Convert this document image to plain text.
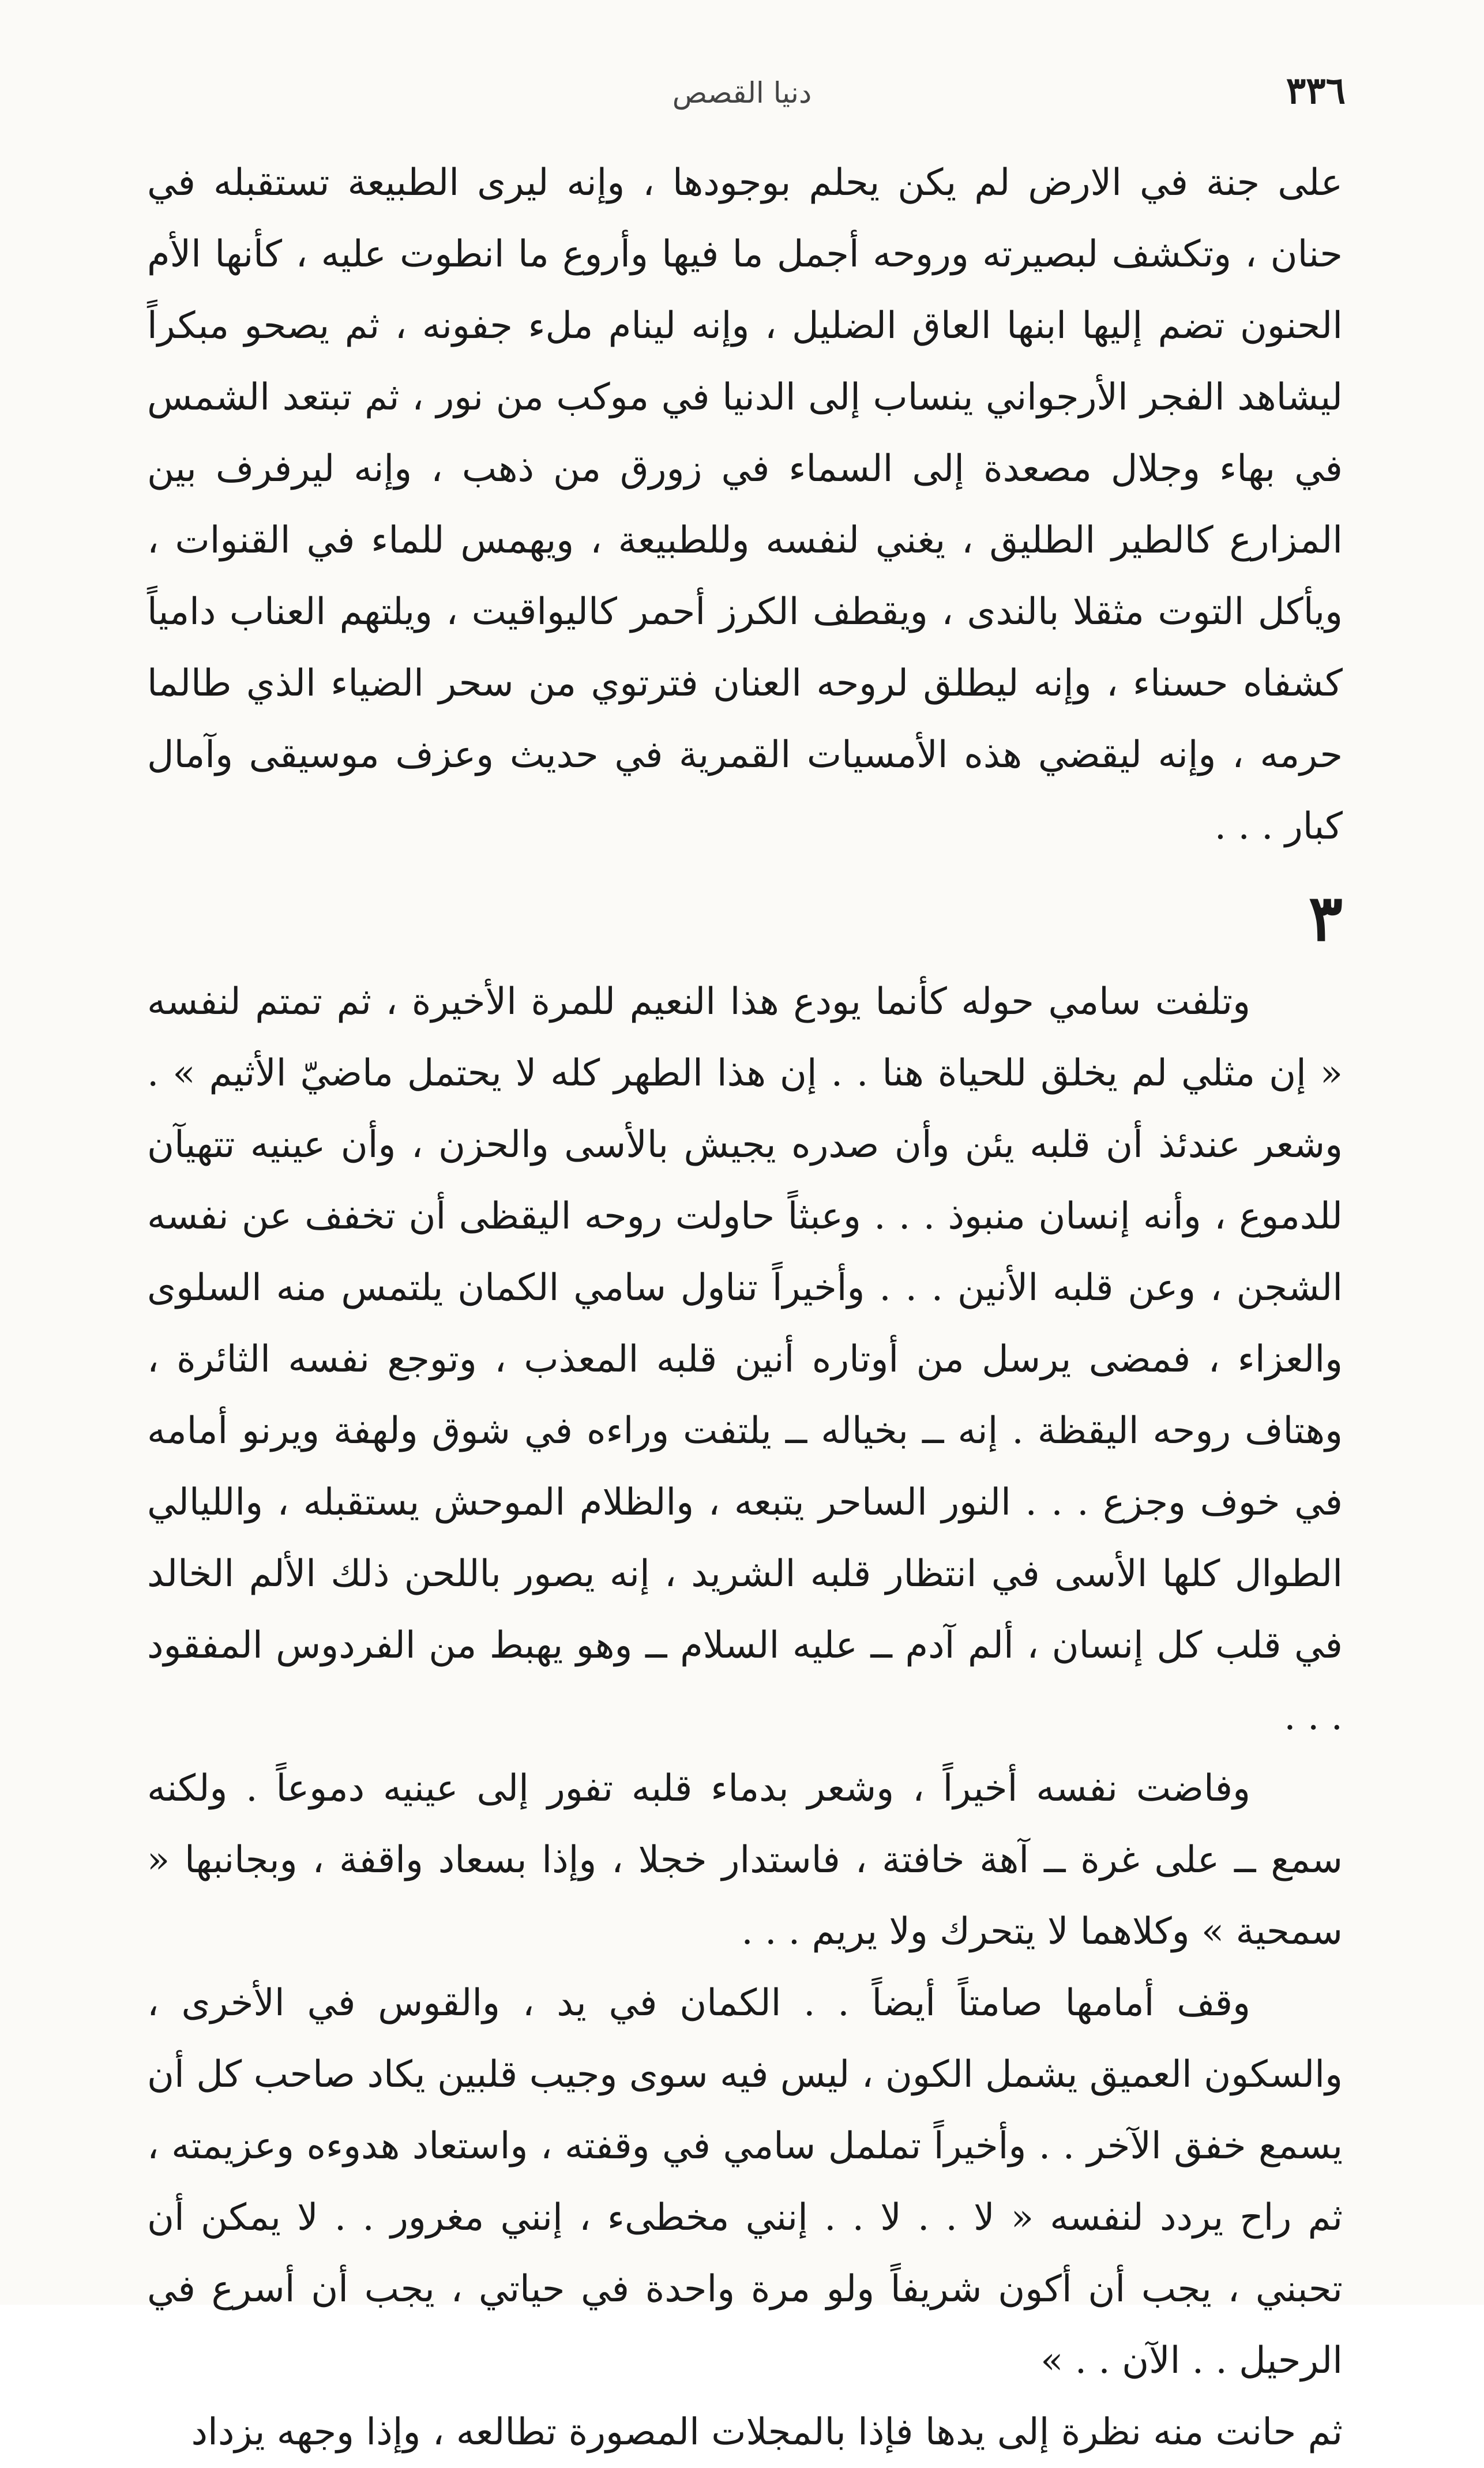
٣٣٦
دنيا القصص

على جنة في الارض لم يكن يحلم بوجودها ، وإنه ليرى الطبيعة تستقبله في حنان ، وتكشف لبصيرته وروحه أجمل ما فيها وأروع ما انطوت عليه ، كأنها الأم الحنون تضم إليها ابنها العاق الضليل ، وإنه لينام ملء جفونه ، ثم يصحو مبكراً ليشاهد الفجر الأرجواني ينساب إلى الدنيا في موكب من نور ، ثم تبتعد الشمس في بهاء وجلال مصعدة إلى السماء في زورق من ذهب ، وإنه ليرفرف بين المزارع كالطير الطليق ، يغني لنفسه وللطبيعة ، ويهمس للماء في القنوات ، ويأكل التوت مثقلا بالندى ، ويقطف الكرز أحمر كاليواقيت ، ويلتهم العناب دامياً كشفاه حسناء ، وإنه ليطلق لروحه العنان فترتوي من سحر الضياء الذي طالما حرمه ، وإنه ليقضي هذه الأمسيات القمرية في حديث وعزف موسيقى وآمال كبار . . .

٣

وتلفت سامي حوله كأنما يودع هذا النعيم للمرة الأخيرة ، ثم تمتم لنفسه « إن مثلي لم يخلق للحياة هنا . . إن هذا الطهر كله لا يحتمل ماضيّ الأثيم » . وشعر عندئذ أن قلبه يئن وأن صدره يجيش بالأسى والحزن ، وأن عينيه تتهيآن للدموع ، وأنه إنسان منبوذ . . . وعبثاً حاولت روحه اليقظى أن تخفف عن نفسه الشجن ، وعن قلبه الأنين . . . وأخيراً تناول سامي الكمان يلتمس منه السلوى والعزاء ، فمضى يرسل من أوتاره أنين قلبه المعذب ، وتوجع نفسه الثائرة ، وهتاف روحه اليقظة . إنه ــ بخياله ــ يلتفت وراءه في شوق ولهفة ويرنو أمامه في خوف وجزع . . . النور الساحر يتبعه ، والظلام الموحش يستقبله ، والليالي الطوال كلها الأسى في انتظار قلبه الشريد ، إنه يصور باللحن ذلك الألم الخالد في قلب كل إنسان ، ألم آدم ــ عليه السلام ــ وهو يهبط من الفردوس المفقود . . .

وفاضت نفسه أخيراً ، وشعر بدماء قلبه تفور إلى عينيه دموعاً . ولكنه سمع ــ على غرة ــ آهة خافتة ، فاستدار خجلا ، وإذا بسعاد واقفة ، وبجانبها « سمحية » وكلاهما لا يتحرك ولا يريم . . .

وقف أمامها صامتاً أيضاً . . الكمان في يد ، والقوس في الأخرى ، والسكون العميق يشمل الكون ، ليس فيه سوى وجيب قلبين يكاد صاحب كل أن يسمع خفق الآخر . . وأخيراً تململ سامي في وقفته ، واستعاد هدوءه وعزيمته ، ثم راح يردد لنفسه « لا . . لا . . إنني مخطىء ، إنني مغرور . . لا يمكن أن تحبني ، يجب أن أكون شريفاً ولو مرة واحدة في حياتي ، يجب أن أسرع في الرحيل . . الآن . . »

ثم حانت منه نظرة إلى يدها فإذا بالمجلات المصورة تطالعه ، وإذا وجهه يزداد
